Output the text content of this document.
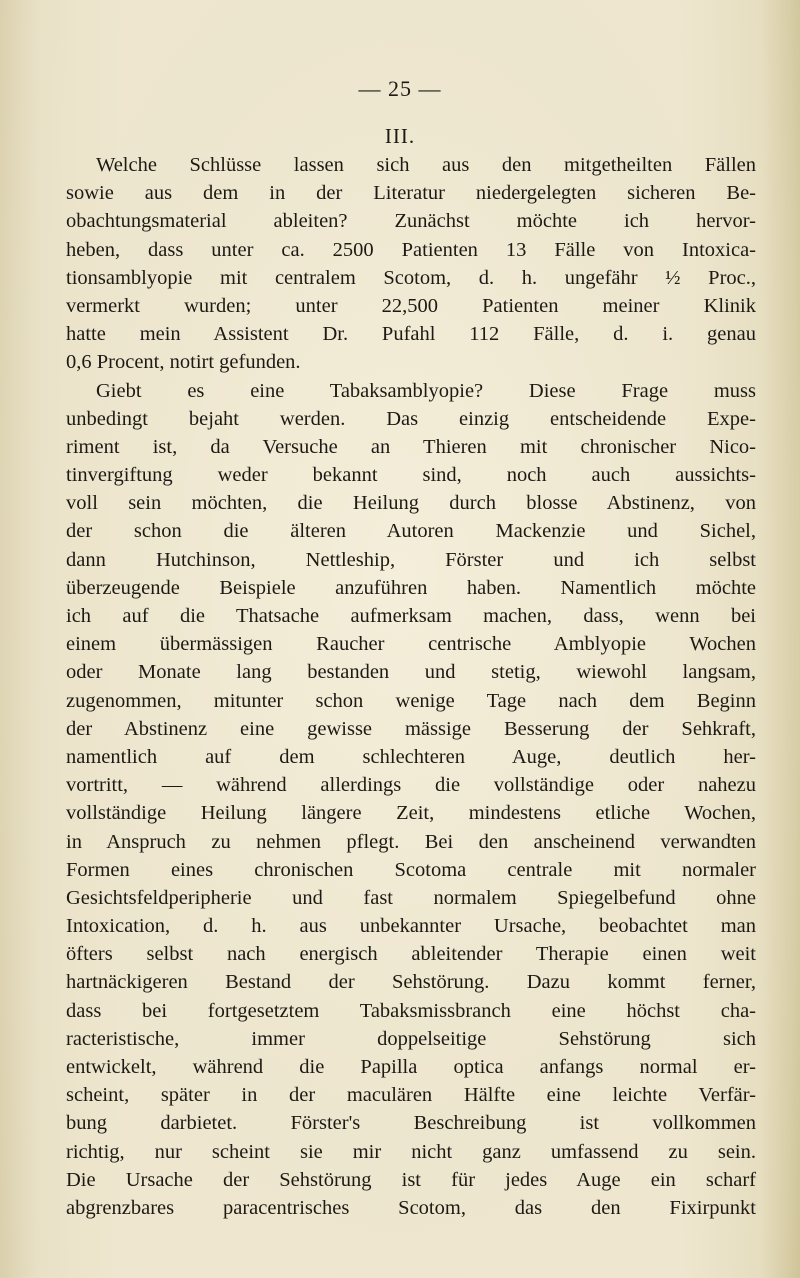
— 25 —
III.
Welche Schlüsse lassen sich aus den mitgetheilten Fällen
sowie aus dem in der Literatur niedergelegten sicheren Be-
obachtungsmaterial ableiten? Zunächst möchte ich hervor-
heben, dass unter ca. 2500 Patienten 13 Fälle von Intoxica-
tionsamblyopie mit centralem Scotom, d. h. ungefähr ½ Proc.,
vermerkt wurden; unter 22,500 Patienten meiner Klinik
hatte mein Assistent Dr. Pufahl 112 Fälle, d. i. genau
0,6 Procent, notirt gefunden.
Giebt es eine Tabaksamblyopie? Diese Frage muss
unbedingt bejaht werden. Das einzig entscheidende Expe-
riment ist, da Versuche an Thieren mit chronischer Nico-
tinvergiftung weder bekannt sind, noch auch aussichts-
voll sein möchten, die Heilung durch blosse Abstinenz, von
der schon die älteren Autoren Mackenzie und Sichel,
dann Hutchinson, Nettleship, Förster und ich selbst
überzeugende Beispiele anzuführen haben. Namentlich möchte
ich auf die Thatsache aufmerksam machen, dass, wenn bei
einem übermässigen Raucher centrische Amblyopie Wochen
oder Monate lang bestanden und stetig, wiewohl langsam,
zugenommen, mitunter schon wenige Tage nach dem Beginn
der Abstinenz eine gewisse mässige Besserung der Sehkraft,
namentlich auf dem schlechteren Auge, deutlich her-
vortritt, — während allerdings die vollständige oder nahezu
vollständige Heilung längere Zeit, mindestens etliche Wochen,
in Anspruch zu nehmen pflegt. Bei den anscheinend verwandten
Formen eines chronischen Scotoma centrale mit normaler
Gesichtsfeldperipherie und fast normalem Spiegelbefund ohne
Intoxication, d. h. aus unbekannter Ursache, beobachtet man
öfters selbst nach energisch ableitender Therapie einen weit
hartnäckigeren Bestand der Sehstörung. Dazu kommt ferner,
dass bei fortgesetztem Tabaksmissbranch eine höchst cha-
racteristische, immer doppelseitige Sehstörung sich
entwickelt, während die Papilla optica anfangs normal er-
scheint, später in der maculären Hälfte eine leichte Verfär-
bung darbietet. Förster's Beschreibung ist vollkommen
richtig, nur scheint sie mir nicht ganz umfassend zu sein.
Die Ursache der Sehstörung ist für jedes Auge ein scharf
abgrenzbares paracentrisches Scotom, das den Fixirpunkt
